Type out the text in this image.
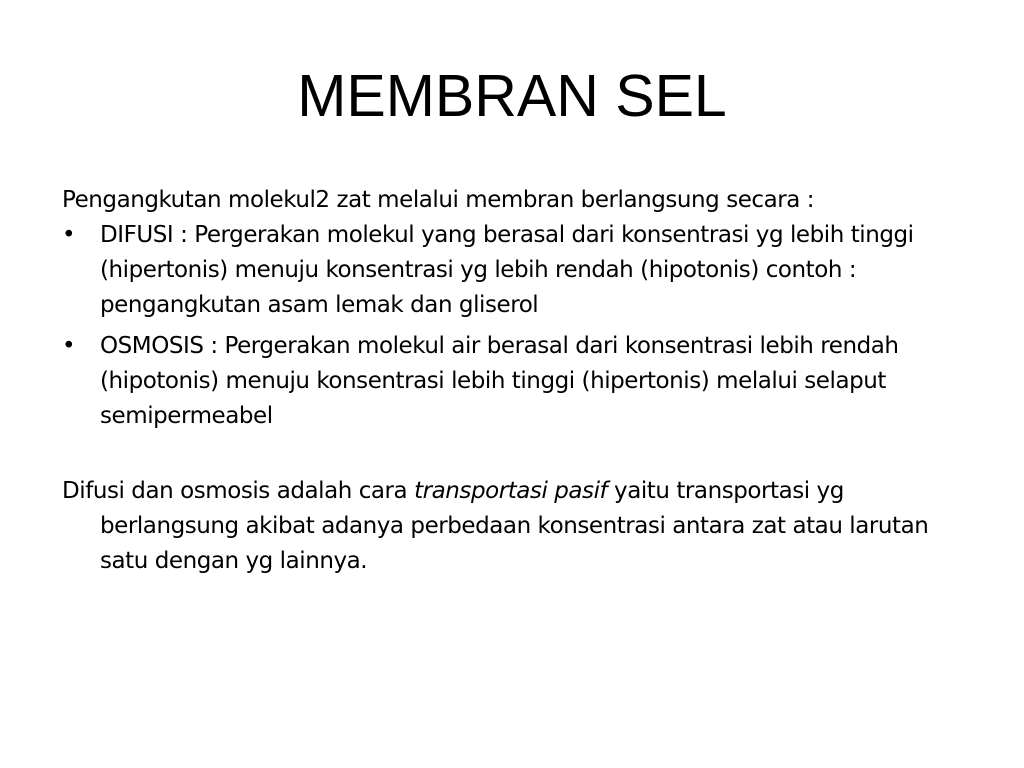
MEMBRAN SEL

Pengangkutan molekul2 zat melalui membran berlangsung secara :

• DIFUSI : Pergerakan molekul yang berasal dari konsentrasi yg lebih tinggi (hipertonis) menuju konsentrasi yg lebih rendah (hipotonis) contoh : pengangkutan asam lemak dan gliserol
• OSMOSIS : Pergerakan molekul air berasal dari konsentrasi lebih rendah (hipotonis) menuju konsentrasi lebih tinggi (hipertonis) melalui selaput semipermeabel

Difusi dan osmosis adalah cara transportasi pasif yaitu transportasi yg berlangsung akibat adanya perbedaan konsentrasi antara zat atau larutan satu dengan yg lainnya.
